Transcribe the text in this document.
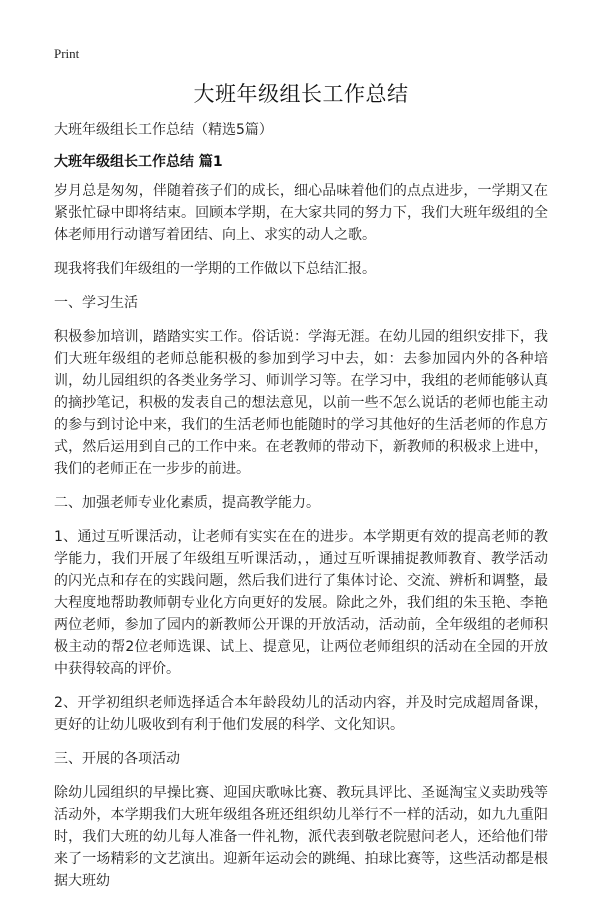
Print
大班年级组长工作总结
大班年级组长工作总结（精选5篇）
大班年级组长工作总结 篇1

岁月总是匆匆，伴随着孩子们的成长，细心品味着他们的点点进步，一学期又在紧张忙碌中即将结束。回顾本学期，在大家共同的努力下，我们大班年级组的全体老师用行动谱写着团结、向上、求实的动人之歌。

现我将我们年级组的一学期的工作做以下总结汇报。

一、学习生活

积极参加培训，踏踏实实工作。俗话说：学海无涯。在幼儿园的组织安排下，我们大班年级组的老师总能积极的参加到学习中去，如：去参加园内外的各种培训，幼儿园组织的各类业务学习、师训学习等。在学习中，我组的老师能够认真的摘抄笔记，积极的发表自己的想法意见，以前一些不怎么说话的老师也能主动的参与到讨论中来，我们的生活老师也能随时的学习其他好的生活老师的作息方式，然后运用到自己的工作中来。在老教师的带动下，新教师的积极求上进中，我们的老师正在一步步的前进。

二、加强老师专业化素质，提高教学能力。

1、通过互听课活动，让老师有实实在在的进步。本学期更有效的提高老师的教学能力，我们开展了年级组互听课活动，，通过互听课捕捉教师教育、教学活动的闪光点和存在的实践问题，然后我们进行了集体讨论、交流、辨析和调整，最大程度地帮助教师朝专业化方向更好的发展。除此之外，我们组的朱玉艳、李艳两位老师，参加了园内的新教师公开课的开放活动，活动前，全年级组的老师积极主动的帮2位老师选课、试上、提意见，让两位老师组织的活动在全园的开放中获得较高的评价。

2、开学初组织老师选择适合本年龄段幼儿的活动内容，并及时完成超周备课，更好的让幼儿吸收到有利于他们发展的科学、文化知识。

三、开展的各项活动

除幼儿园组织的早操比赛、迎国庆歌咏比赛、教玩具评比、圣诞淘宝义卖助残等活动外，本学期我们大班年级组各班还组织幼儿举行不一样的活动，如九九重阳时，我们大班的幼儿每人准备一件礼物，派代表到敬老院慰问老人，还给他们带来了一场精彩的文艺演出。迎新年运动会的跳绳、拍球比赛等，这些活动都是根据大班幼
